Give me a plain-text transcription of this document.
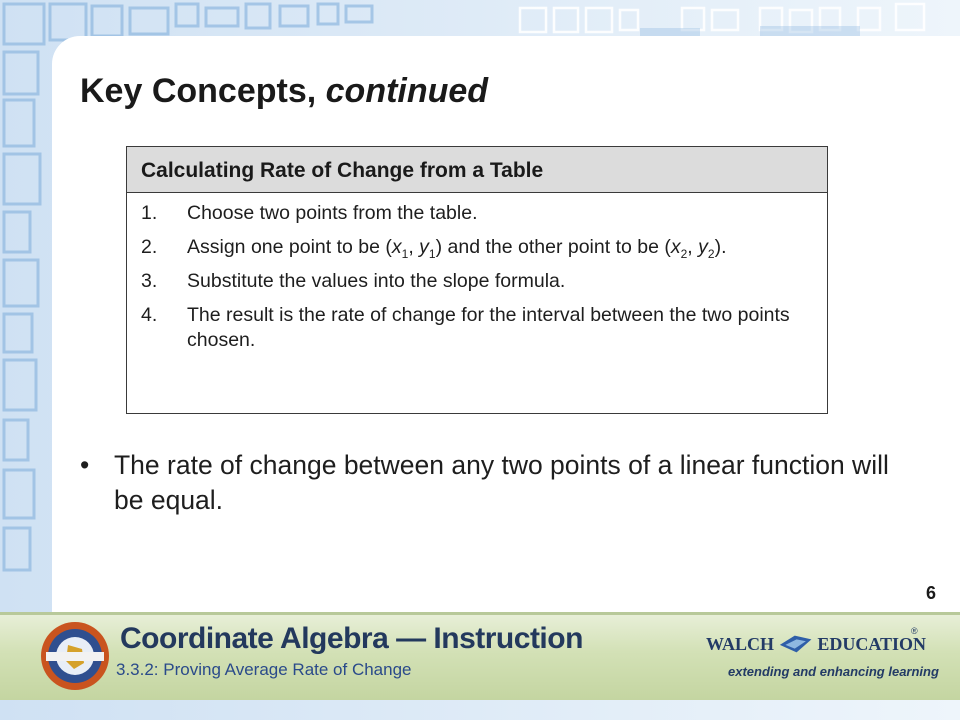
Key Concepts, continued
Calculating Rate of Change from a Table
1.	Choose two points from the table.
2.	Assign one point to be ($x_1$, $y_1$) and the other point to be ($x_2$, $y_2$).
3.	Substitute the values into the slope formula.
4.	The result is the rate of change for the interval between the two points chosen.
• The rate of change between any two points of a linear function will be equal.
6
Coordinate Algebra — Instruction
3.3.2: Proving Average Rate of Change
WALCH EDUCATION
®
extending and enhancing learning
